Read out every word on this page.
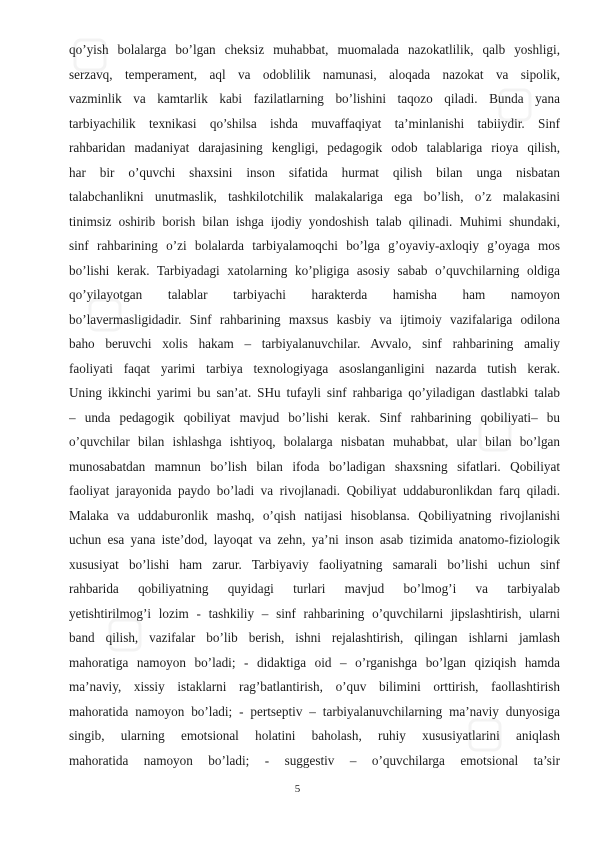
qo’yish bolalarga bo’lgan cheksiz muhabbat, muomalada nazokatlilik, qalb yoshligi,
serzavq, temperament, aql va odoblilik namunasi, aloqada nazokat va sipolik,
vazminlik va kamtarlik kabi fazilatlarning bo’lishini taqozo qiladi. Bunda yana
tarbiyachilik texnikasi qo’shilsa ishda muvaffaqiyat ta’minlanishi tabiiydir. Sinf
rahbaridan madaniyat darajasining kengligi, pedagogik odob talablariga rioya qilish,
har bir o’quvchi shaxsini inson sifatida hurmat qilish bilan unga nisbatan
talabchanlikni unutmaslik, tashkilotchilik malakalariga ega bo’lish, o’z malakasini
tinimsiz oshirib borish bilan ishga ijodiy yondoshish talab qilinadi. Muhimi shundaki,
sinf rahbarining o’zi bolalarda tarbiyalamoqchi bo’lga g’oyaviy-axloqiy g’oyaga mos
bo’lishi kerak. Tarbiyadagi xatolarning ko’pligiga asosiy sabab o’quvchilarning oldiga
qo’yilayotgan talablar tarbiyachi harakterda hamisha ham namoyon
bo’lavermasligidadir. Sinf rahbarining maxsus kasbiy va ijtimoiy vazifalariga odilona
baho beruvchi xolis hakam – tarbiyalanuvchilar. Avvalo, sinf rahbarining amaliy
faoliyati faqat yarimi tarbiya texnologiyaga asoslanganligini nazarda tutish kerak.
Uning ikkinchi yarimi bu san’at. SHu tufayli sinf rahbariga qo’yiladigan dastlabki talab
– unda pedagogik qobiliyat mavjud bo’lishi kerak. Sinf rahbarining qobiliyati– bu
o’quvchilar bilan ishlashga ishtiyoq, bolalarga nisbatan muhabbat, ular bilan bo’lgan
munosabatdan mamnun bo’lish bilan ifoda bo’ladigan shaxsning sifatlari. Qobiliyat
faoliyat jarayonida paydo bo’ladi va rivojlanadi. Qobiliyat uddaburonlikdan farq qiladi.
Malaka va uddaburonlik mashq, o’qish natijasi hisoblansa. Qobiliyatning rivojlanishi
uchun esa yana iste’dod, layoqat va zehn, ya’ni inson asab tizimida anatomo-fiziologik
xususiyat bo’lishi ham zarur. Tarbiyaviy faoliyatning samarali bo’lishi uchun sinf
rahbarida qobiliyatning quyidagi turlari mavjud bo’lmog’i va tarbiyalab
yetishtirilmog’i lozim - tashkiliy – sinf rahbarining o’quvchilarni jipslashtirish, ularni
band qilish, vazifalar bo’lib berish, ishni rejalashtirish, qilingan ishlarni jamlash
mahoratiga namoyon bo’ladi; - didaktiga oid – o’rganishga bo’lgan qiziqish hamda
ma’naviy, xissiy istaklarni rag’batlantirish, o’quv bilimini orttirish, faollashtirish
mahoratida namoyon bo’ladi; - pertseptiv – tarbiyalanuvchilarning ma’naviy dunyosiga
singib, ularning emotsional holatini baholash, ruhiy xususiyatlarini aniqlash
mahoratida namoyon bo’ladi; - suggestiv – o’quvchilarga emotsional ta’sir
5
